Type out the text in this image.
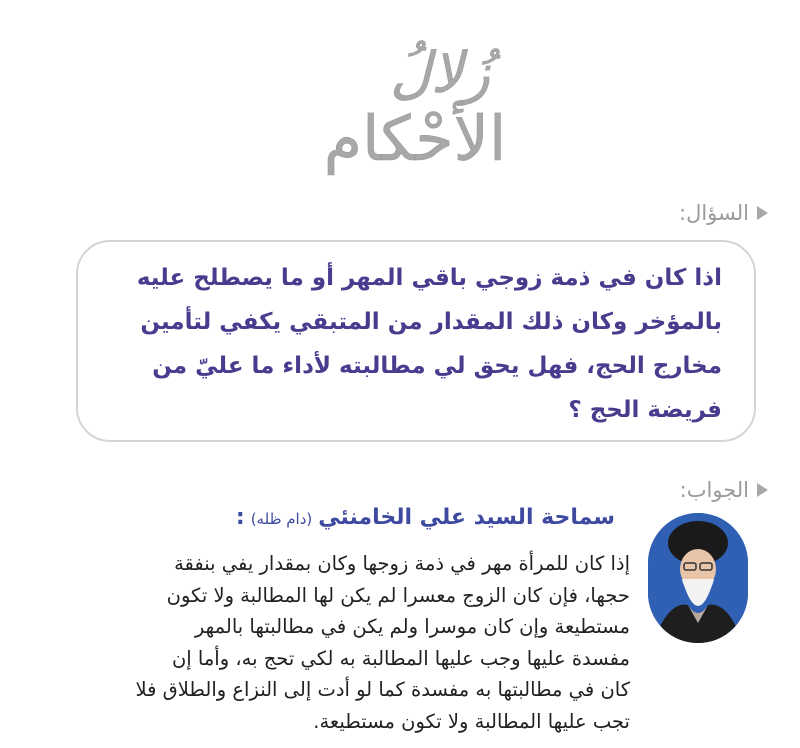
زُلالُ
الأحْكام
السؤال:
اذا كان في ذمة زوجي باقي المهر أو ما يصطلح عليه بالمؤخر وكان ذلك المقدار من المتبقي يكفي لتأمين مخارج الحج، فهل يحق لي مطالبته لأداء ما عليّ من فريضة الحج ؟
الجواب:
سماحة السيد علي الخامنئي
(دام ظله)
:
إذا كان للمرأة مهر في ذمة زوجها وكان بمقدار يفي بنفقة
حجها، فإن كان الزوج معسرا لم يكن لها المطالبة ولا تكون
مستطيعة وإن كان موسرا ولم يكن في مطالبتها بالمهر
مفسدة عليها وجب عليها المطالبة به لكي تحج به، وأما إن
كان في مطالبتها به مفسدة كما لو أدت إلى النزاع والطلاق فلا
تجب عليها المطالبة ولا تكون مستطيعة.
